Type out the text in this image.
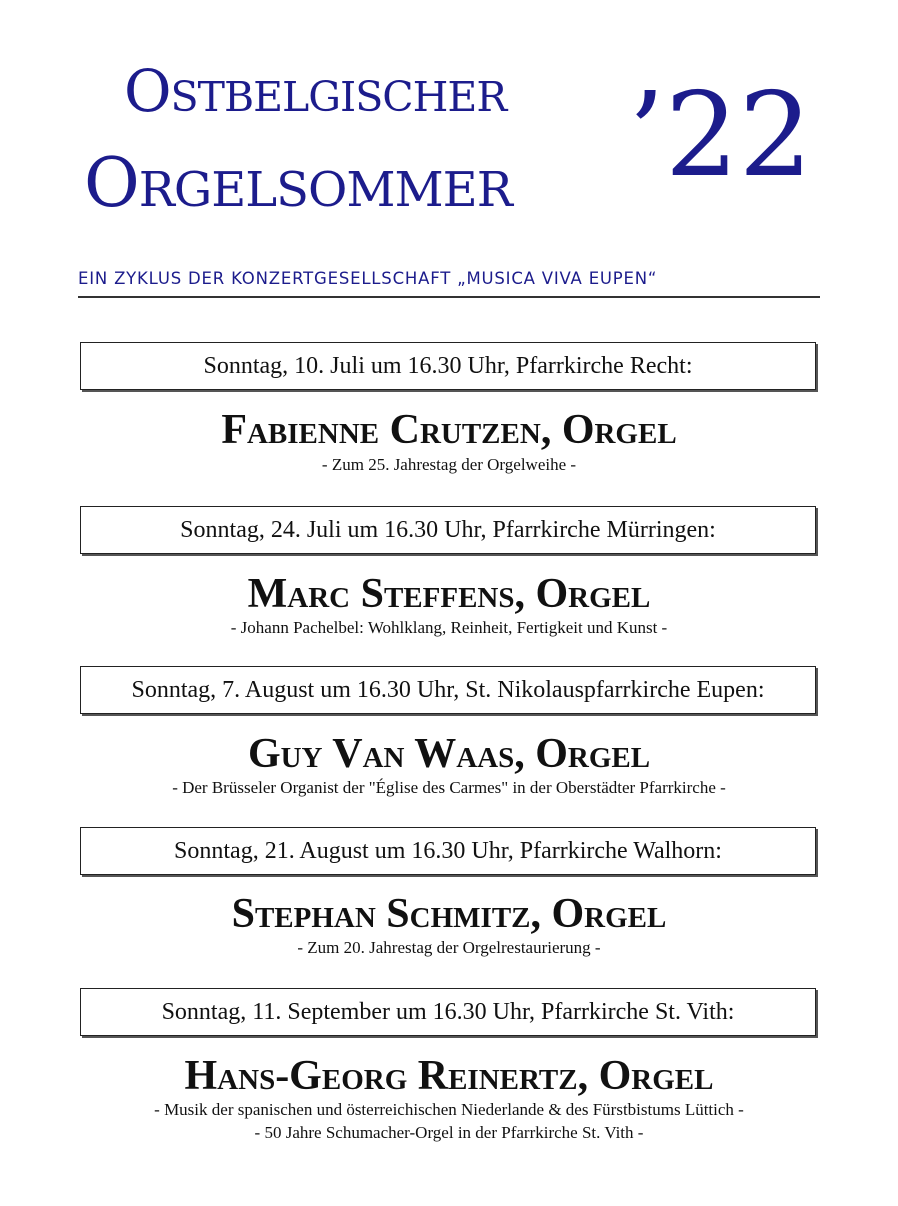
Ostbelgischer
Orgelsommer ’22
EIN ZYKLUS DER KONZERTGESELLSCHAFT „MUSICA VIVA EUPEN“
Sonntag, 10. Juli um 16.30 Uhr, Pfarrkirche Recht:
Fabienne Crutzen, Orgel
- Zum 25. Jahrestag der Orgelweihe -
Sonntag, 24. Juli um 16.30 Uhr, Pfarrkirche Mürringen:
Marc Steffens, Orgel
- Johann Pachelbel: Wohlklang, Reinheit, Fertigkeit und Kunst -
Sonntag, 7. August um 16.30 Uhr, St. Nikolauspfarrkirche Eupen:
Guy Van Waas, Orgel
- Der Brüsseler Organist der "Église des Carmes" in der Oberstädter Pfarrkirche -
Sonntag, 21. August um 16.30 Uhr, Pfarrkirche Walhorn:
Stephan Schmitz, Orgel
- Zum 20. Jahrestag der Orgelrestaurierung -
Sonntag, 11. September um 16.30 Uhr, Pfarrkirche St. Vith:
Hans-Georg Reinertz, Orgel
- Musik der spanischen und österreichischen Niederlande & des Fürstbistums Lüttich -
- 50 Jahre Schumacher-Orgel in der Pfarrkirche St. Vith -
